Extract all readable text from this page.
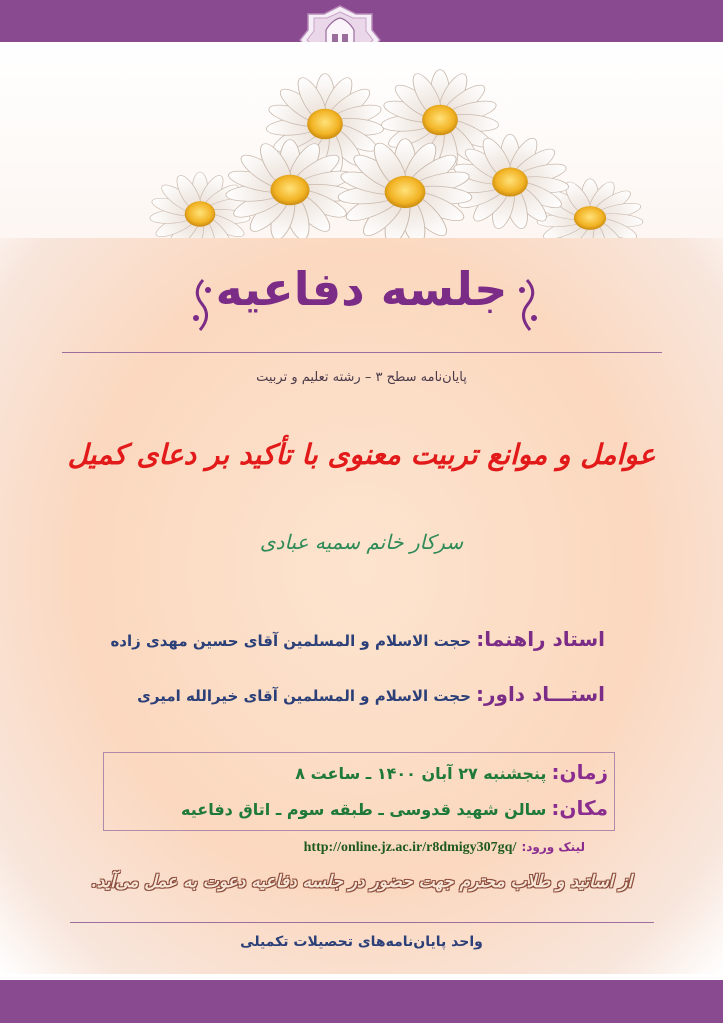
جلسه دفاعیه
پایان‌نامه سطح ۳ – رشته تعلیم و تربیت
عوامل و موانع تربیت معنوی با تأکید بر دعای کمیل
سرکار خانم سمیه عبادی
استاد راهنما: حجت الاسلام و المسلمین آقای حسین مهدی زاده
استـــاد داور: حجت الاسلام و المسلمین آقای خیرالله امیری
زمان: پنجشنبه ۲۷ آبان ۱۴۰۰ ـ ساعت ۸
مکان: سالن شهید قدوسی ـ طبقه سوم ـ اتاق دفاعیه
لینک ورود: http://online.jz.ac.ir/r8dmigy307gq/
از اساتید و طلاب محترم جهت حضور در جلسه دفاعیه دعوت به عمل می‌آید.
واحد پایان‌نامه‌های تحصیلات تکمیلی
